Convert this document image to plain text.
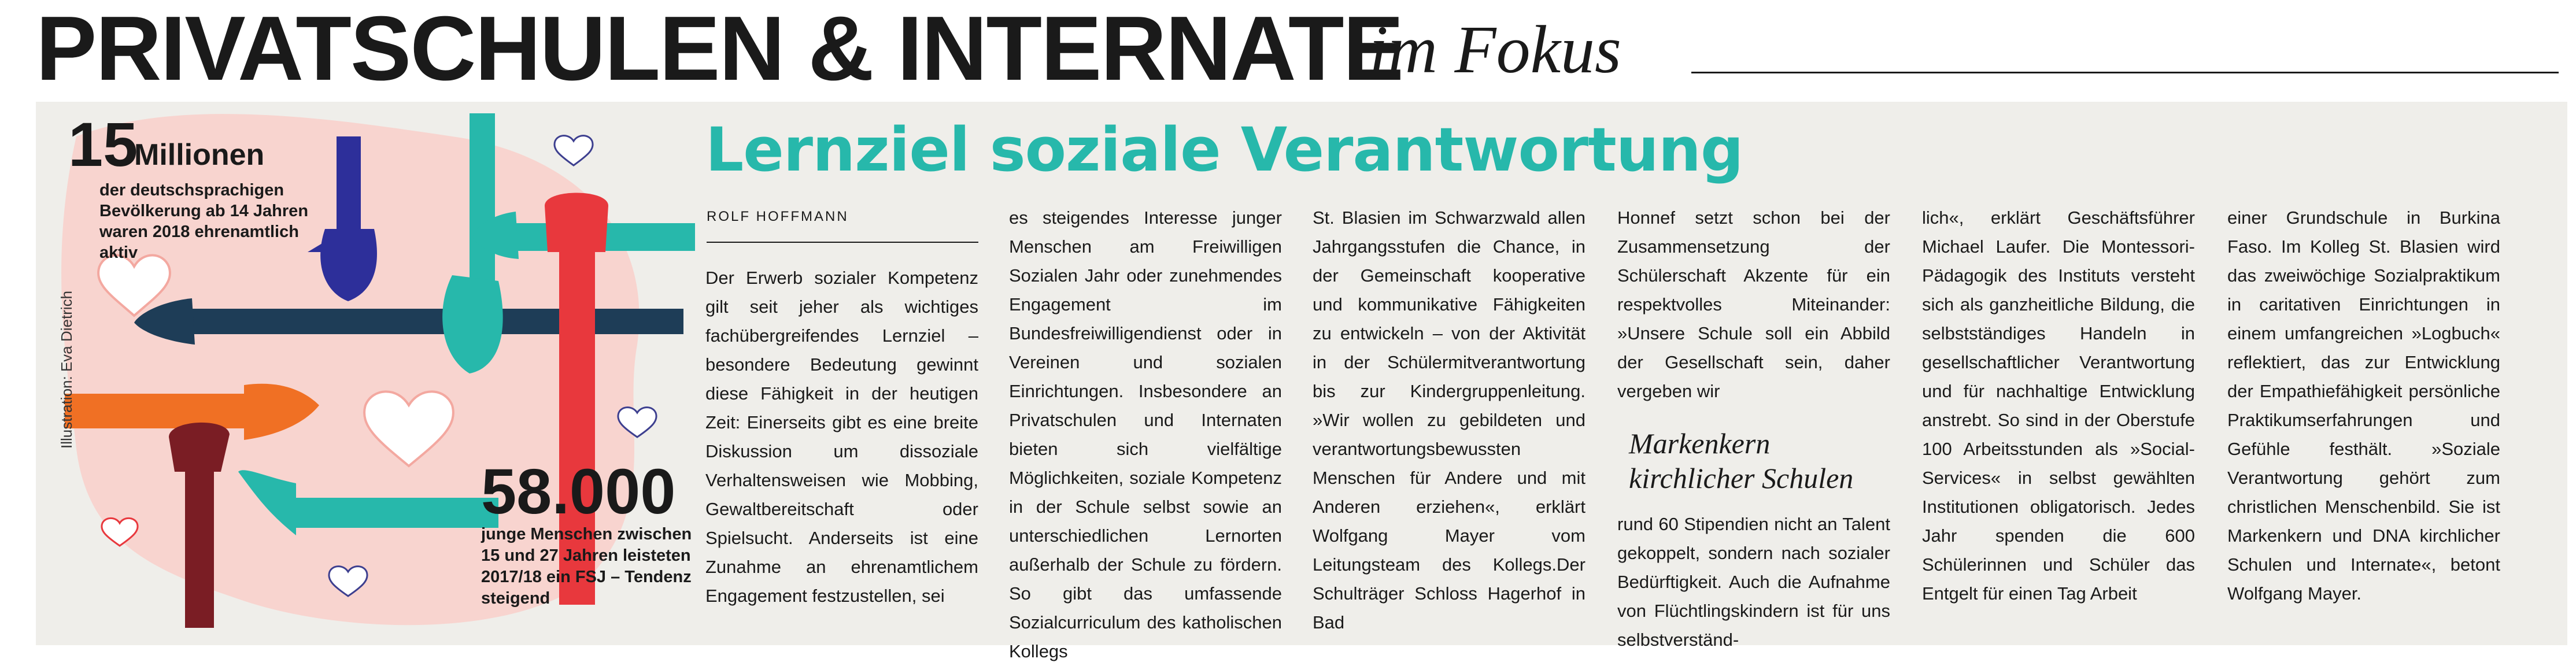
PRIVATSCHULEN & INTERNATE
im Fokus
Illustration: Eva Dietrich
15
Millionen
der deutschsprachigen Bevölkerung ab 14 Jahren waren 2018 ehrenamtlich aktiv
58.000
junge Menschen zwischen 15 und 27 Jahren leisteten 2017/18 ein FSJ – Tendenz steigend
Lernziel soziale Verantwortung
ROLF HOFFMANN

Der Erwerb sozialer Kompetenz gilt seit jeher als wichtiges fachübergreifendes Lernziel – besondere Bedeutung gewinnt diese Fähigkeit in der heutigen Zeit: Einerseits gibt es eine breite Diskussion um dissoziale Verhaltensweisen wie Mobbing, Gewaltbereitschaft oder Spielsucht. Anderseits ist eine Zunahme an ehrenamtlichem Engagement festzustellen, sei

es steigendes Interesse junger Menschen am Freiwilligen Sozialen Jahr oder zunehmendes Engagement im Bundesfreiwilligendienst oder in Vereinen und sozialen Einrichtungen. Insbesondere an Privatschulen und Internaten bieten sich vielfältige Möglichkeiten, soziale Kompetenz in der Schule selbst sowie an unterschiedlichen Lernorten außerhalb der Schule zu fördern. So gibt das umfassende Sozialcurriculum des katholischen Kollegs

St. Blasien im Schwarzwald allen Jahrgangsstufen die Chance, in der Gemeinschaft kooperative und kommunikative Fähigkeiten zu entwickeln – von der Aktivität in der Schülermitverantwortung bis zur Kindergruppenleitung. »Wir wollen zu gebildeten und verantwortungsbewussten Menschen für Andere und mit Anderen erziehen«, erklärt Wolfgang Mayer vom Leitungsteam des Kollegs.Der Schulträger Schloss Hagerhof in Bad

Honnef setzt schon bei der Zusammensetzung der Schülerschaft Akzente für ein respektvolles Miteinander: »Unsere Schule soll ein Abbild der Gesellschaft sein, daher vergeben wir

Markenkern kirchlicher Schulen

rund 60 Stipendien nicht an Talent gekoppelt, sondern nach sozialer Bedürftigkeit. Auch die Aufnahme von Flüchtlingskindern ist für uns selbstverständ-

lich«, erklärt Geschäftsführer Michael Laufer. Die Montessori-Pädagogik des Instituts versteht sich als ganzheitliche Bildung, die selbstständiges Handeln in gesellschaftlicher Verantwortung und für nachhaltige Entwicklung anstrebt. So sind in der Oberstufe 100 Arbeitsstunden als »Social-Services« in selbst gewählten Institutionen obligatorisch. Jedes Jahr spenden die 600 Schülerinnen und Schüler das Entgelt für einen Tag Arbeit

einer Grundschule in Burkina Faso. Im Kolleg St. Blasien wird das zweiwöchige Sozialpraktikum in caritativen Einrichtungen in einem umfangreichen »Logbuch« reflektiert, das zur Entwicklung der Empathiefähigkeit persönliche Praktikumserfahrungen und Gefühle festhält. »Soziale Verantwortung gehört zum christlichen Menschenbild. Sie ist Markenkern und DNA kirchlicher Schulen und Internate«, betont Wolfgang Mayer.
